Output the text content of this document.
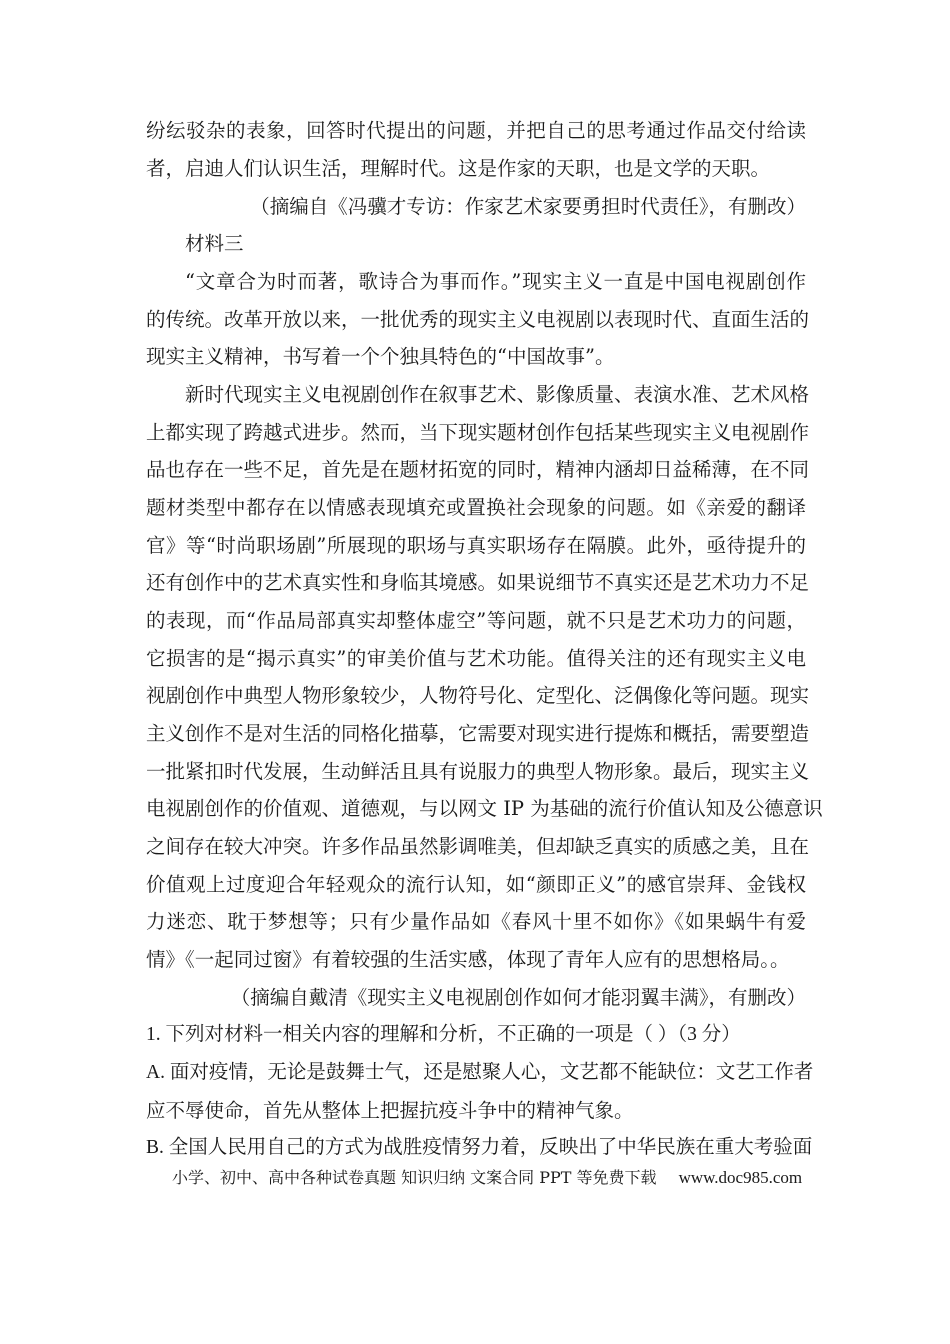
纷纭驳杂的表象，回答时代提出的问题，并把自己的思考通过作品交付给读
者，启迪人们认识生活，理解时代。这是作家的天职，也是文学的天职。
（摘编自《冯骥才专访：作家艺术家要勇担时代责任》，有删改）
材料三
“文章合为时而著，歌诗合为事而作。”现实主义一直是中国电视剧创作
的传统。改革开放以来，一批优秀的现实主义电视剧以表现时代、直面生活的
现实主义精神，书写着一个个独具特色的“中国故事”。
新时代现实主义电视剧创作在叙事艺术、影像质量、表演水准、艺术风格
上都实现了跨越式进步。然而，当下现实题材创作包括某些现实主义电视剧作
品也存在一些不足，首先是在题材拓宽的同时，精神内涵却日益稀薄，在不同
题材类型中都存在以情感表现填充或置换社会现象的问题。如《亲爱的翻译
官》等“时尚职场剧”所展现的职场与真实职场存在隔膜。此外，亟待提升的
还有创作中的艺术真实性和身临其境感。如果说细节不真实还是艺术功力不足
的表现，而“作品局部真实却整体虚空”等问题，就不只是艺术功力的问题，
它损害的是“揭示真实”的审美价值与艺术功能。值得关注的还有现实主义电
视剧创作中典型人物形象较少，人物符号化、定型化、泛偶像化等问题。现实
主义创作不是对生活的同格化描摹，它需要对现实进行提炼和概括，需要塑造
一批紧扣时代发展，生动鲜活且具有说服力的典型人物形象。最后，现实主义
电视剧创作的价值观、道德观，与以网文 IP 为基础的流行价值认知及公德意识
之间存在较大冲突。许多作品虽然影调唯美，但却缺乏真实的质感之美，且在
价值观上过度迎合年轻观众的流行认知，如“颜即正义”的感官崇拜、金钱权
力迷恋、耽于梦想等；只有少量作品如《春风十里不如你》《如果蜗牛有爱
情》《一起同过窗》有着较强的生活实感，体现了青年人应有的思想格局。。
（摘编自戴清《现实主义电视剧创作如何才能羽翼丰满》，有删改）
1. 下列对材料一相关内容的理解和分析，不正确的一项是（ ）（3 分）
A. 面对疫情，无论是鼓舞士气，还是慰聚人心，文艺都不能缺位：文艺工作者
应不辱使命，首先从整体上把握抗疫斗争中的精神气象。
B. 全国人民用自己的方式为战胜疫情努力着，反映出了中华民族在重大考验面
小学、初中、高中各种试卷真题 知识归纳 文案合同 PPT 等免费下载 www.doc985.com
